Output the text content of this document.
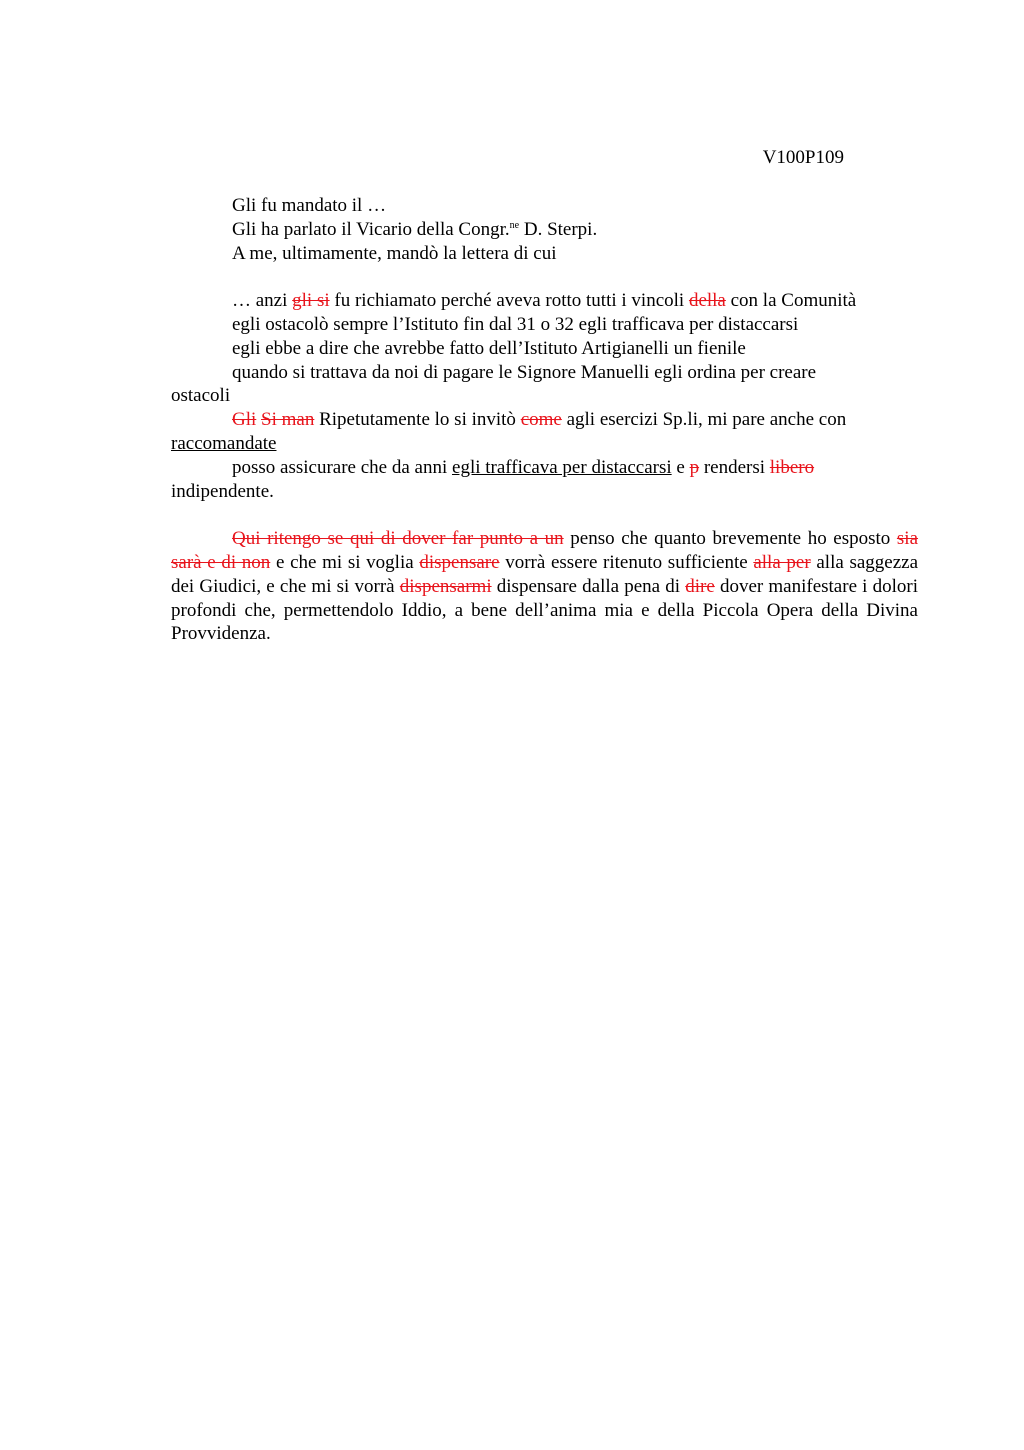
V100P109

Gli fu mandato il …

Gli ha parlato il Vicario della Congr.$^{ne}$ D. Sterpi.

A me, ultimamente, mandò la lettera di cui

… anzi gli si fu richiamato perché aveva rotto tutti i vincoli della con la Comunità

egli ostacolò sempre l’Istituto fin dal 31 o 32 egli trafficava per distaccarsi

egli ebbe a dire che avrebbe fatto dell’Istituto Artigianelli un fienile

quando si trattava da noi di pagare le Signore Manuelli egli ordina per creare ostacoli

Gli Si man Ripetutamente lo si invitò come agli esercizi Sp.li, mi pare anche con raccomandate

posso assicurare che da anni egli trafficava per distaccarsi e p rendersi libero indipendente.

Qui ritengo se qui di dover far punto a un penso che quanto brevemente ho esposto sia sarà e di non e che mi si voglia dispensare vorrà essere ritenuto sufficiente alla per alla saggezza dei Giudici, e che mi si vorrà dispensarmi dispensare dalla pena di dire dover manifestare i dolori profondi che, permettendolo Iddio, a bene dell’anima mia e della Piccola Opera della Divina Provvidenza.
